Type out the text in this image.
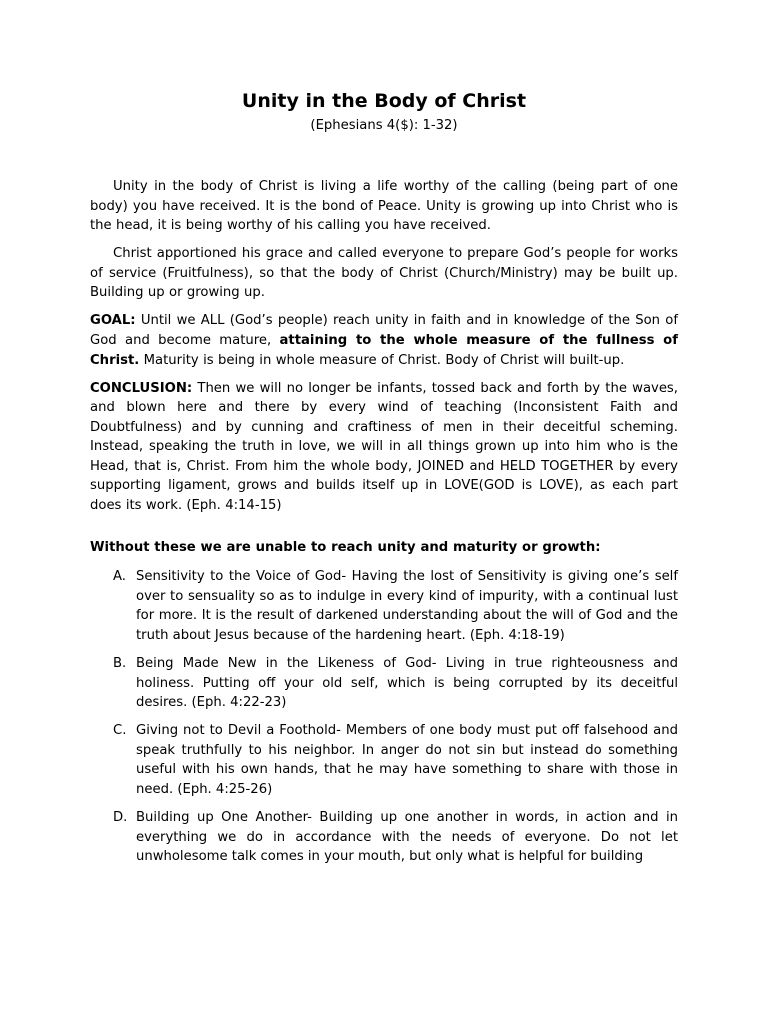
Unity in the Body of Christ
(Ephesians 4($): 1-32)

Unity in the body of Christ is living a life worthy of the calling (being part of one body) you have received. It is the bond of Peace. Unity is growing up into Christ who is the head, it is being worthy of his calling you have received.

Christ apportioned his grace and called everyone to prepare God’s people for works of service (Fruitfulness), so that the body of Christ (Church/Ministry) may be built up. Building up or growing up.

GOAL: Until we ALL (God’s people) reach unity in faith and in knowledge of the Son of God and become mature, attaining to the whole measure of the fullness of Christ. Maturity is being in whole measure of Christ. Body of Christ will built-up.

CONCLUSION: Then we will no longer be infants, tossed back and forth by the waves, and blown here and there by every wind of teaching (Inconsistent Faith and Doubtfulness) and by cunning and craftiness of men in their deceitful scheming. Instead, speaking the truth in love, we will in all things grown up into him who is the Head, that is, Christ. From him the whole body, JOINED and HELD TOGETHER by every supporting ligament, grows and builds itself up in LOVE(GOD is LOVE), as each part does its work. (Eph. 4:14-15)

Without these we are unable to reach unity and maturity or growth:

A. Sensitivity to the Voice of God- Having the lost of Sensitivity is giving one’s self over to sensuality so as to indulge in every kind of impurity, with a continual lust for more. It is the result of darkened understanding about the will of God and the truth about Jesus because of the hardening heart. (Eph. 4:18-19)
B. Being Made New in the Likeness of God- Living in true righteousness and holiness. Putting off your old self, which is being corrupted by its deceitful desires. (Eph. 4:22-23)
C. Giving not to Devil a Foothold- Members of one body must put off falsehood and speak truthfully to his neighbor. In anger do not sin but instead do something useful with his own hands, that he may have something to share with those in need. (Eph. 4:25-26)
D. Building up One Another- Building up one another in words, in action and in everything we do in accordance with the needs of everyone. Do not let unwholesome talk comes in your mouth, but only what is helpful for building
